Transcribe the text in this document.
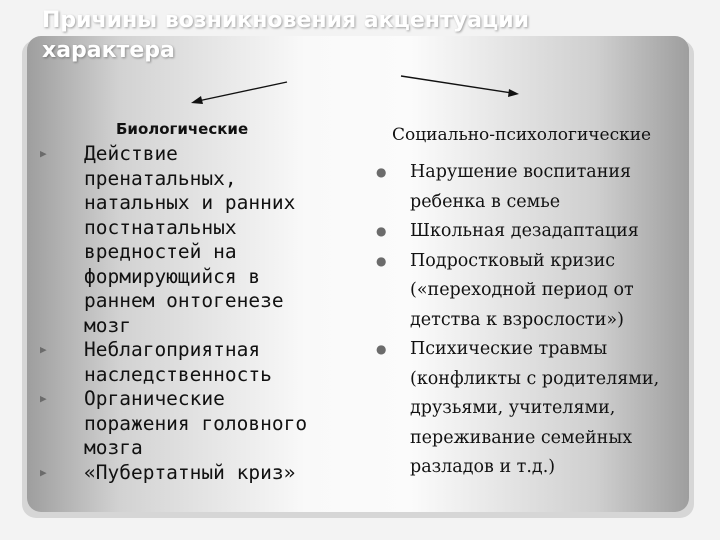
Причины возникновения акцентуации характера
Биологические
▶ Действие пренатальных, натальных и ранних постнатальных вредностей на формирующийся в раннем онтогенезе мозг
▶ Неблагоприятная наследственность
▶ Органические поражения головного мозга
▶ «Пубертатный криз»
Социально-психологические
● Нарушение воспитания ребенка в семье
● Школьная дезадаптация
● Подростковый кризис («переходной период от детства к взрослости»)
● Психические травмы (конфликты с родителями, друзьями, учителями, переживание семейных разладов и т.д.)
